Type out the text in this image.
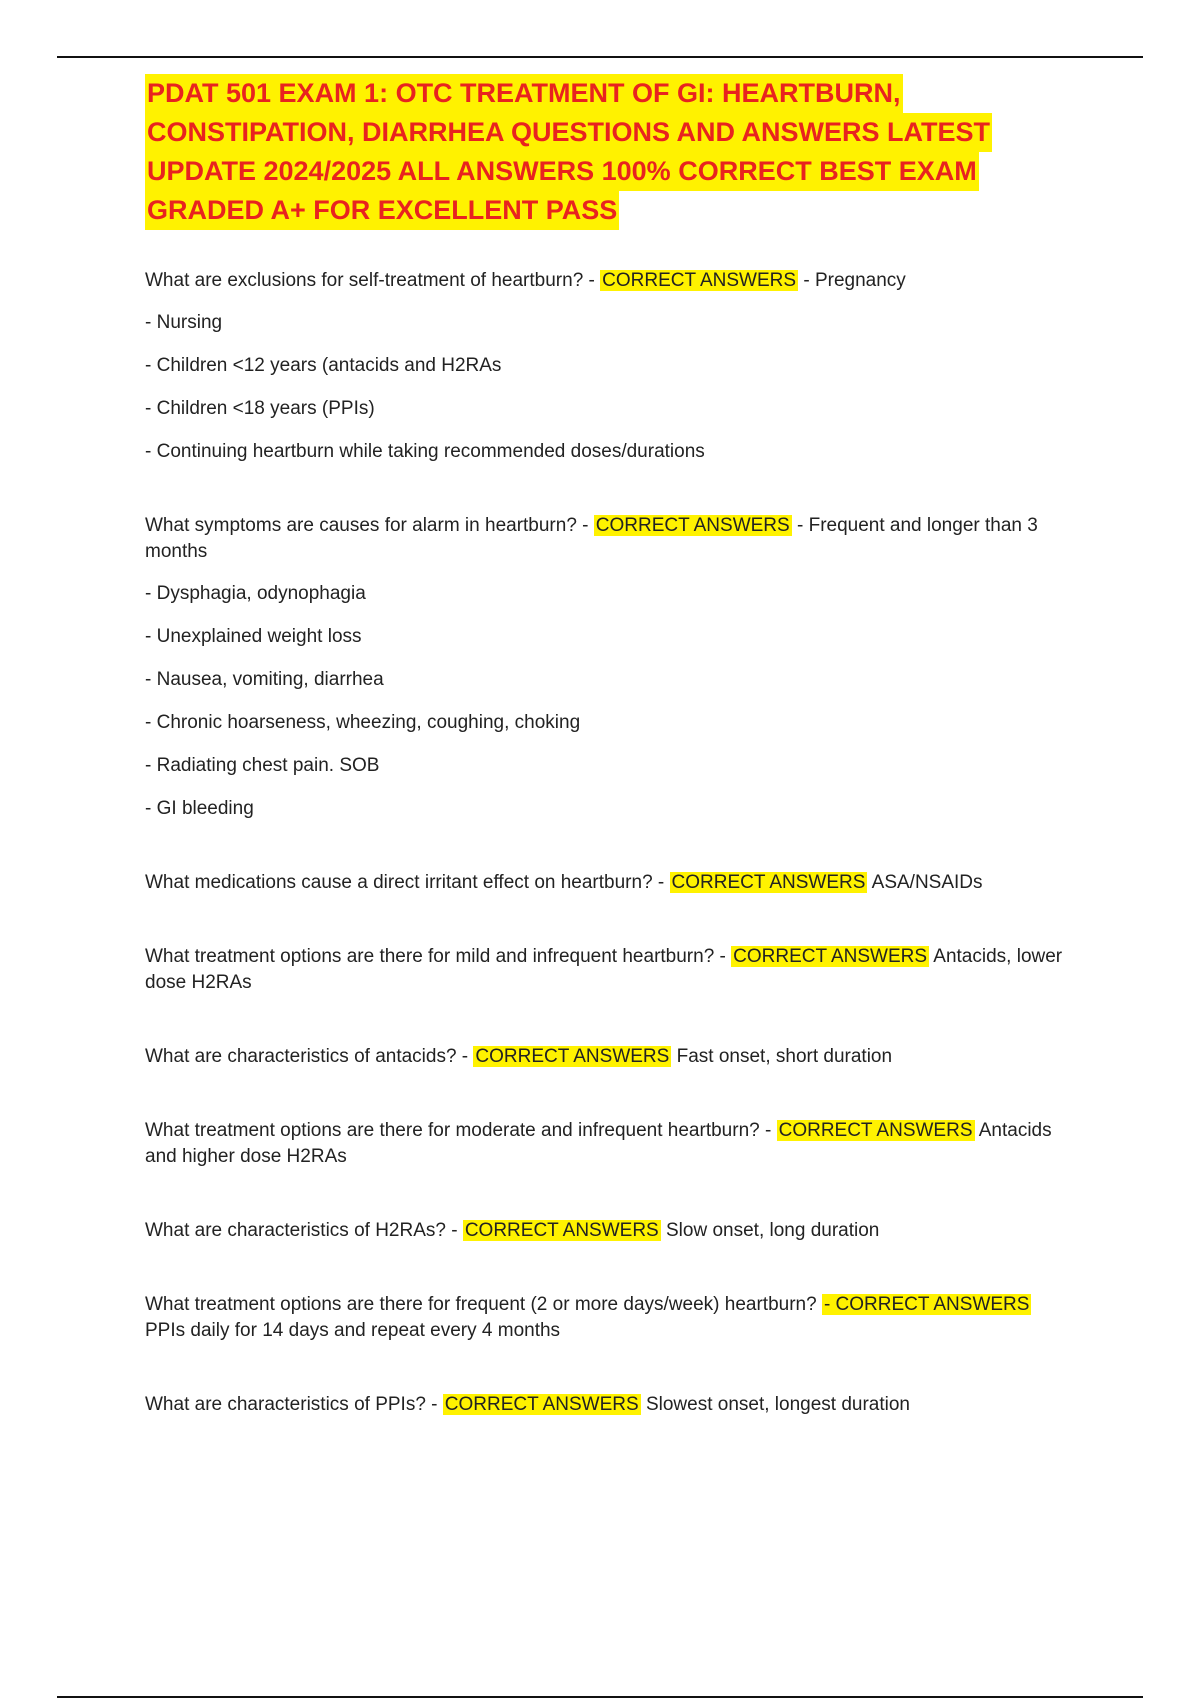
PDAT 501 EXAM 1: OTC TREATMENT OF GI: HEARTBURN,
CONSTIPATION, DIARRHEA QUESTIONS AND ANSWERS LATEST
UPDATE 2024/2025 ALL ANSWERS 100% CORRECT BEST EXAM
GRADED A+ FOR EXCELLENT PASS

What are exclusions for self-treatment of heartburn? - CORRECT ANSWERS - Pregnancy

- Nursing
- Children <12 years (antacids and H2RAs
- Children <18 years (PPIs)
- Continuing heartburn while taking recommended doses/durations

What symptoms are causes for alarm in heartburn? - CORRECT ANSWERS - Frequent and longer than 3 months

- Dysphagia, odynophagia
- Unexplained weight loss
- Nausea, vomiting, diarrhea
- Chronic hoarseness, wheezing, coughing, choking
- Radiating chest pain. SOB
- GI bleeding

What medications cause a direct irritant effect on heartburn? - CORRECT ANSWERS ASA/NSAIDs

What treatment options are there for mild and infrequent heartburn? - CORRECT ANSWERS Antacids, lower dose H2RAs

What are characteristics of antacids? - CORRECT ANSWERS Fast onset, short duration

What treatment options are there for moderate and infrequent heartburn? - CORRECT ANSWERS Antacids and higher dose H2RAs

What are characteristics of H2RAs? - CORRECT ANSWERS Slow onset, long duration

What treatment options are there for frequent (2 or more days/week) heartburn? - CORRECT ANSWERS PPIs daily for 14 days and repeat every 4 months

What are characteristics of PPIs? - CORRECT ANSWERS Slowest onset, longest duration
